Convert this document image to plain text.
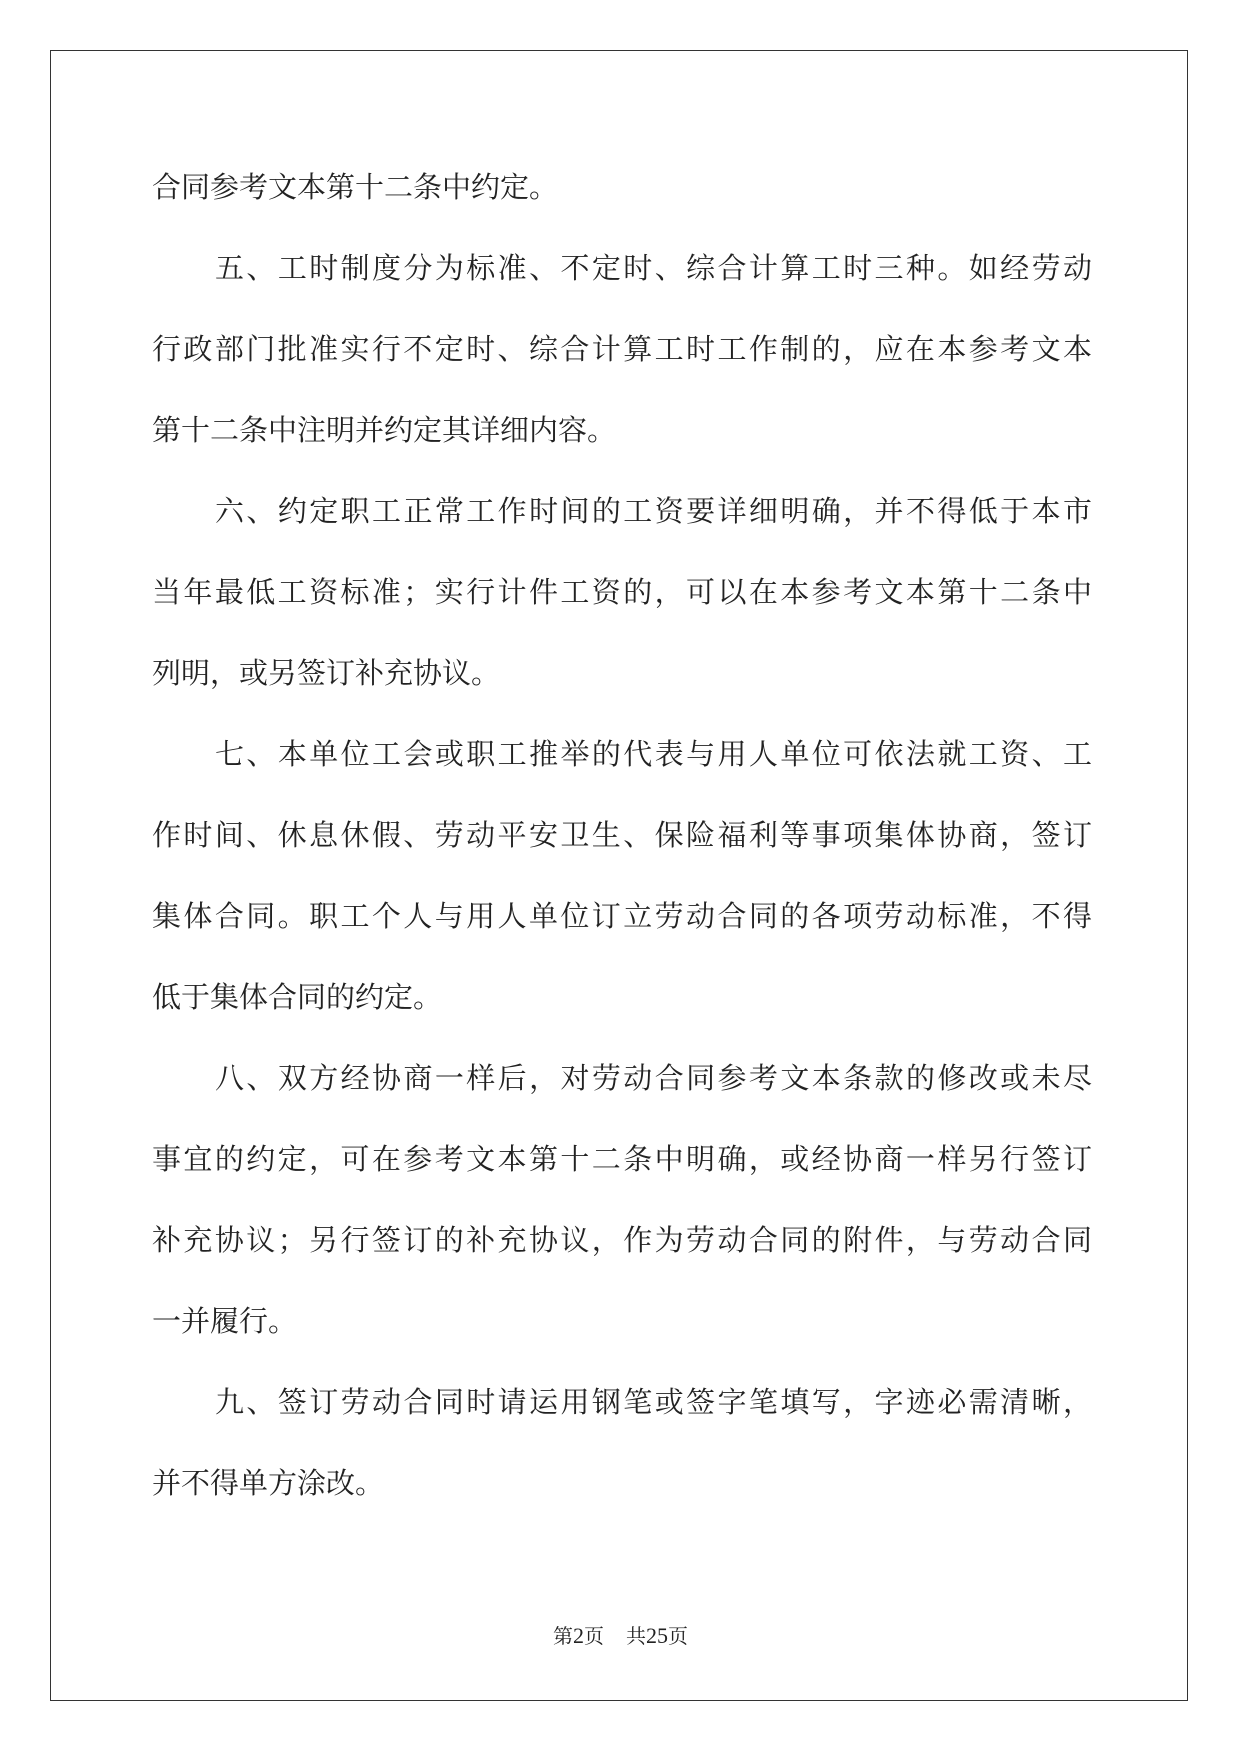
合同参考文本第十二条中约定。
五、工时制度分为标准、不定时、综合计算工时三种。如经劳动
行政部门批准实行不定时、综合计算工时工作制的，应在本参考文本
第十二条中注明并约定其详细内容。
六、约定职工正常工作时间的工资要详细明确，并不得低于本市
当年最低工资标准；实行计件工资的，可以在本参考文本第十二条中
列明，或另签订补充协议。
七、本单位工会或职工推举的代表与用人单位可依法就工资、工
作时间、休息休假、劳动平安卫生、保险福利等事项集体协商，签订
集体合同。职工个人与用人单位订立劳动合同的各项劳动标准，不得
低于集体合同的约定。
八、双方经协商一样后，对劳动合同参考文本条款的修改或未尽
事宜的约定，可在参考文本第十二条中明确，或经协商一样另行签订
补充协议；另行签订的补充协议，作为劳动合同的附件，与劳动合同
一并履行。
九、签订劳动合同时请运用钢笔或签字笔填写，字迹必需清晰，
并不得单方涂改。
第2页 共25页
